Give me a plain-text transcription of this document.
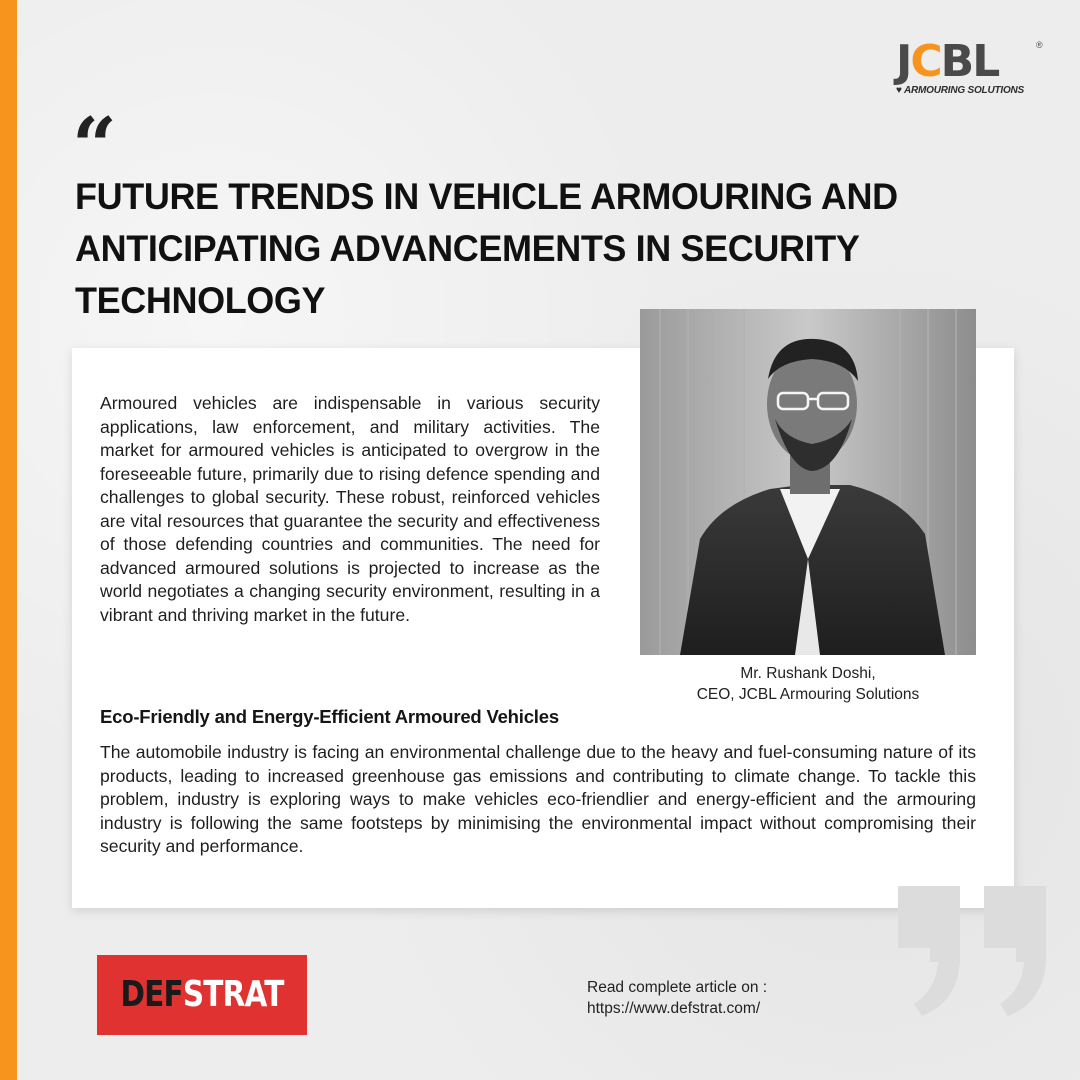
JCBL	®
♥ ARMOURING SOLUTIONS
“
FUTURE TRENDS IN VEHICLE ARMOURING AND ANTICIPATING ADVANCEMENTS IN SECURITY TECHNOLOGY

Armoured vehicles are indispensable in various security applications, law enforcement, and military activities. The market for armoured vehicles is anticipated to overgrow in the foreseeable future, primarily due to rising defence spending and challenges to global security. These robust, reinforced vehicles are vital resources that guarantee the security and effectiveness of those defending countries and communities. The need for advanced armoured solutions is projected to increase as the world negotiates a changing security environment, resulting in a vibrant and thriving market in the future.

Mr. Rushank Doshi,
CEO, JCBL Armouring Solutions
Eco-Friendly and Energy-Efficient Armoured Vehicles

The automobile industry is facing an environmental challenge due to the heavy and fuel-consuming nature of its products, leading to increased greenhouse gas emissions and contributing to climate change. To tackle this problem, industry is exploring ways to make vehicles eco-friendlier and energy-efficient and the armouring industry is following the same footsteps by minimising the environmental impact without compromising their security and performance.

DEFSTRAT	Read complete article on :
https://www.defstrat.com/
